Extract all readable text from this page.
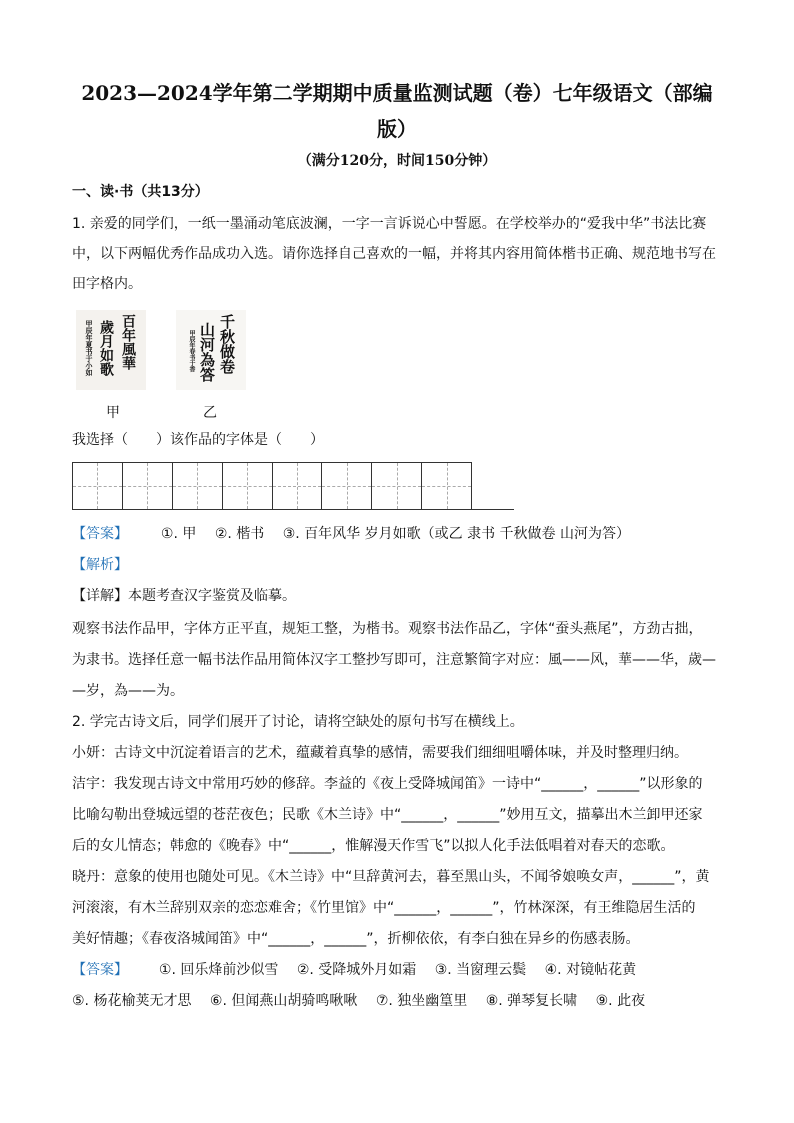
2023—2024学年第二学期期中质量监测试题（卷）七年级语文（部编
版）
（满分120分，时间150分钟）
一、读·书（共13分）
1. 亲爱的同学们，一纸一墨涌动笔底波澜，一字一言诉说心中誓愿。在学校举办的“爱我中华”书法比赛
中，以下两幅优秀作品成功入选。请你选择自己喜欢的一幅，并将其内容用简体楷书正确、规范地书写在
田字格内。
百年風華
歲月如歌
甲辰年夏书于小如	千秋做卷
山河為答
甲辰年春书于香
甲	乙
我选择（　　）该作品的字体是（　　）
【答案】 ①. 甲 ②. 楷书 ③. 百年风华 岁月如歌（或乙 隶书 千秋做卷 山河为答）
【解析】
【详解】本题考查汉字鉴赏及临摹。
观察书法作品甲，字体方正平直，规矩工整，为楷书。观察书法作品乙，字体“蚕头燕尾”，方劲古拙，
为隶书。选择任意一幅书法作品用简体汉字工整抄写即可，注意繁简字对应：風——风，華——华，歲—
—岁，為——为。
2. 学完古诗文后，同学们展开了讨论，请将空缺处的原句书写在横线上。
小妍：古诗文中沉淀着语言的艺术，蕴藏着真挚的感情，需要我们细细咀嚼体味，并及时整理归纳。
洁宇：我发现古诗文中常用巧妙的修辞。李益的《夜上受降城闻笛》一诗中“______，______”以形象的
比喻勾勒出登城远望的苍茫夜色；民歌《木兰诗》中“______，______”妙用互文，描摹出木兰卸甲还家
后的女儿情态；韩愈的《晚春》中“______，惟解漫天作雪飞”以拟人化手法低唱着对春天的恋歌。
晓丹：意象的使用也随处可见。《木兰诗》中“旦辞黄河去，暮至黑山头，不闻爷娘唤女声，______”，黄
河滚滚，有木兰辞别双亲的恋恋难舍；《竹里馆》中“______，______”，竹林深深，有王维隐居生活的
美好情趣；《春夜洛城闻笛》中“______，______”，折柳依依，有李白独在异乡的伤感表肠。
【答案】 ①. 回乐烽前沙似雪 ②. 受降城外月如霜 ③. 当窗理云鬓 ④. 对镜帖花黄
⑤. 杨花榆荚无才思 ⑥. 但闻燕山胡骑鸣啾啾 ⑦. 独坐幽篁里 ⑧. 弹琴复长啸 ⑨. 此夜
